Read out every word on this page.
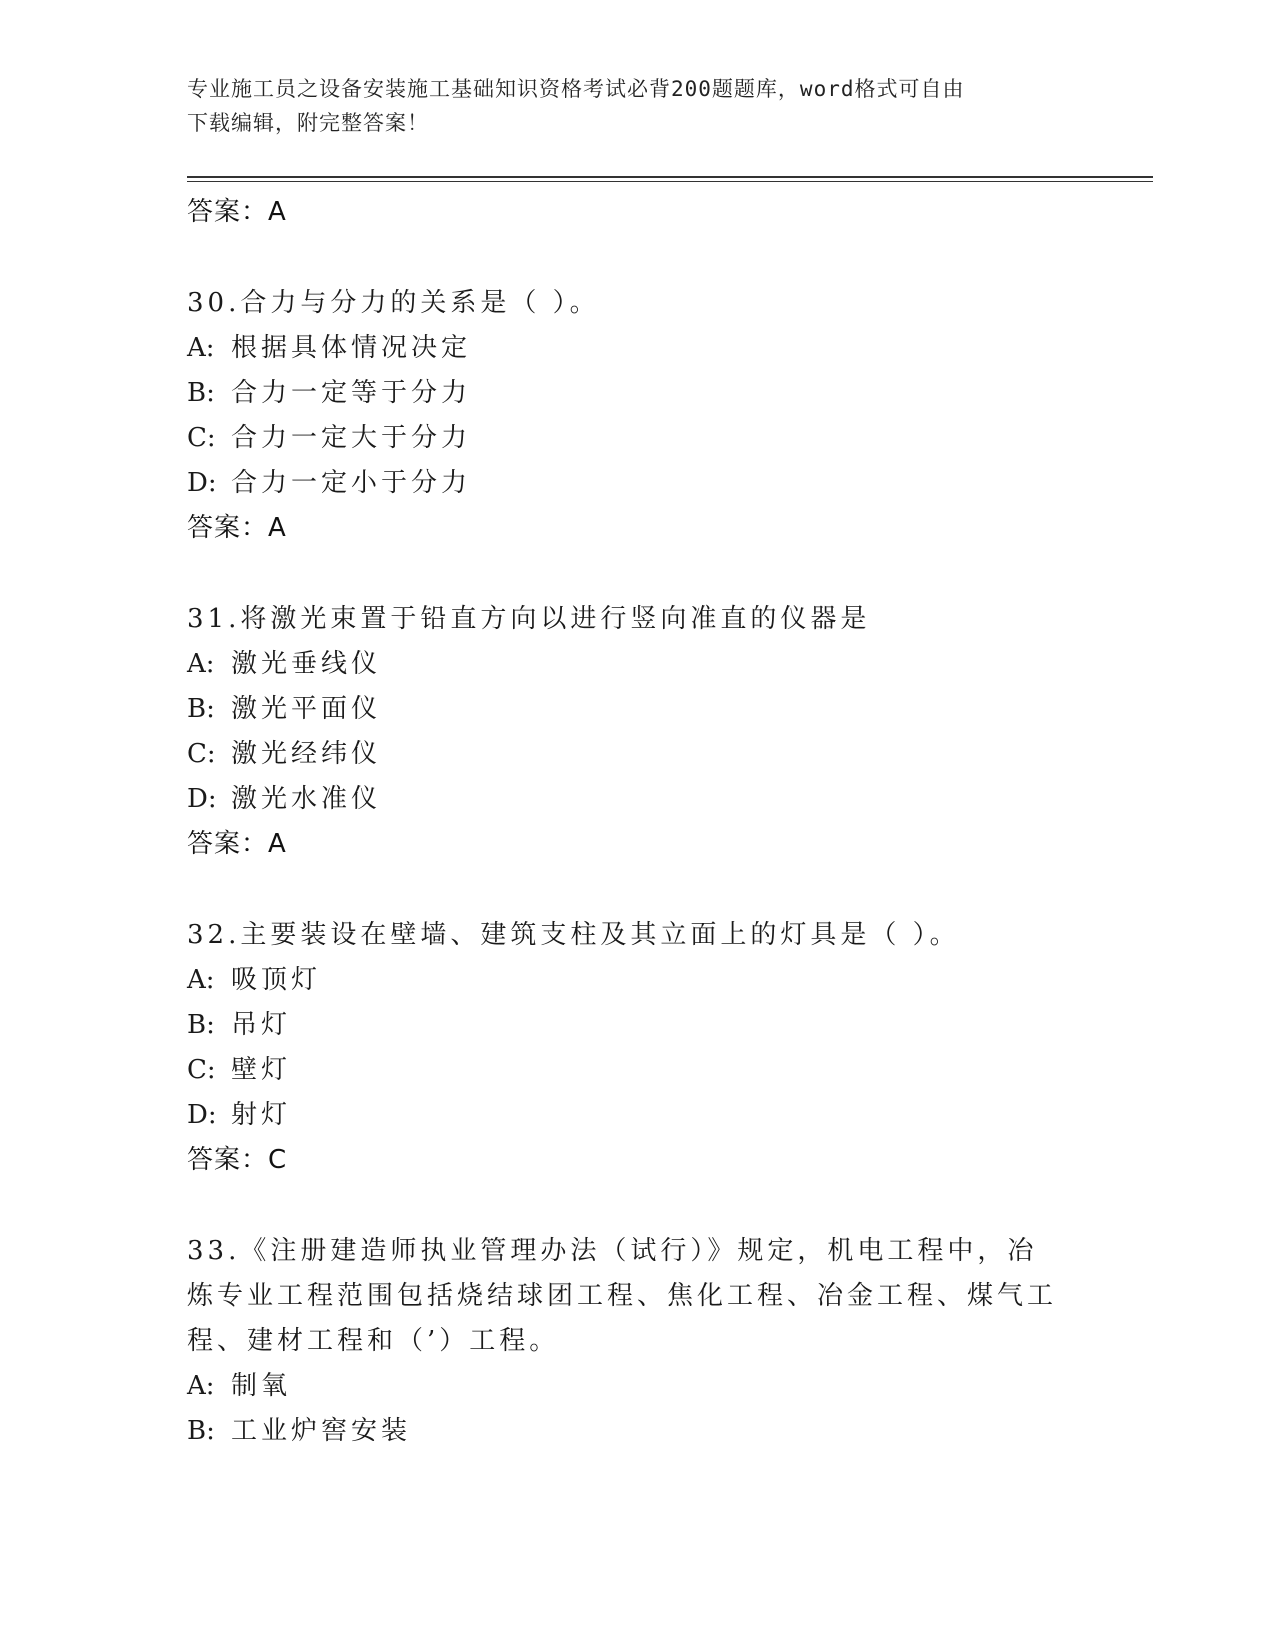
专业施工员之设备安装施工基础知识资格考试必背200题题库，word格式可自由
下载编辑，附完整答案！
答案：A
30.合力与分力的关系是（ ）。
A: 根据具体情况决定
B: 合力一定等于分力
C: 合力一定大于分力
D: 合力一定小于分力
答案：A
31.将激光束置于铅直方向以进行竖向准直的仪器是
A: 激光垂线仪
B: 激光平面仪
C: 激光经纬仪
D: 激光水准仪
答案：A
32.主要装设在壁墙、建筑支柱及其立面上的灯具是（ ）。
A: 吸顶灯
B: 吊灯
C: 壁灯
D: 射灯
答案：C
33.《注册建造师执业管理办法（试行）》规定，机电工程中，冶炼专业工程范围包括烧结球团工程、焦化工程、冶金工程、煤气工程、建材工程和（’）工程。
A: 制氧
B: 工业炉窖安装
